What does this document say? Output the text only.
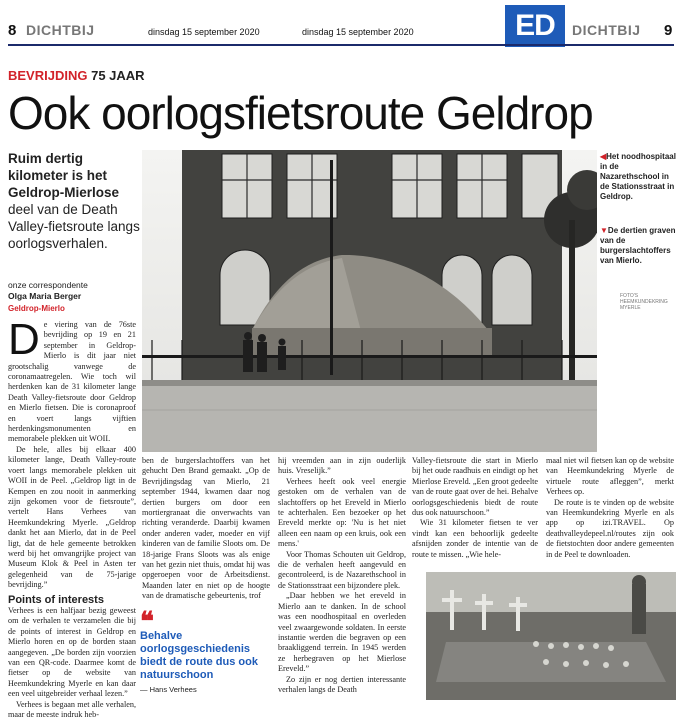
8 DICHTBIJ	dinsdag 15 september 2020	dinsdag 15 september 2020	ED	DICHTBIJ 9
BEVRIJDING 75 JAAR
Ook oorlogsfietsroute Geldrop
Ruim dertig kilometer is het Geldrop-Mierlose deel van de Death Valley-fietsroute langs oorlogsverhalen.
onze correspondente
Olga Maria Berger
Geldrop-Mierlo
◀Het noodhospitaal in de Nazarethschool in de Stationsstraat in Geldrop.
▼De dertien graven van de burgerslachtoffers van Mierlo.
FOTO'S HEEMKUNDEKRING MYERLE
D e viering van de 76ste bevrijding op 19 en 21 september in Geldrop-Mierlo is dit jaar niet grootschalig vanwege de coronamaatregelen. Wie toch wil herdenken kan de 31 kilometer lange Death Valley-fietsroute door Geldrop en Mierlo fietsen. Die is coronaproof en voert langs vijftien herdenkingsmonumenten en memorabele plekken uit WOII.

De hele, alles bij elkaar 400 kilometer lange, Death Valley-route voert langs memorabele plekken uit WOII in de Peel. „Geldrop ligt in de Kempen en zou nooit in aanmerking zijn gekomen voor de fietsroute”, vertelt Hans Verhees van Heemkundekring Myerle. „Geldrop dankt het aan Mierlo, dat in de Peel ligt, dat de hele gemeente betrokken werd bij het omvangrijke project van Museum Klok & Peel in Asten ter gelegenheid van de 75-jarige bevrijding.”

Points of interests

Verhees is een halfjaar bezig geweest om de verhalen te verzamelen die bij de points of interest in Geldrop en Mierlo horen en op de borden staan aangegeven. „De borden zijn voorzien van een QR-code. Daarmee komt de fietser op de website van Heemkundekring Myerle en kan daar een veel uitgebreider verhaal lezen.”

Verhees is begaan met alle verhalen, maar de meeste indruk heb-

ben de burgerslachtoffers van het gehucht Den Brand gemaakt. „Op de Bevrijdingsdag van Mierlo, 21 september 1944, kwamen daar nog dertien burgers om door een mortiergranaat die onverwachts van richting veranderde. Daarbij kwamen onder anderen vader, moeder en vijf kinderen van de familie Sloots om. De 18-jarige Frans Sloots was als enige van het gezin niet thuis, omdat hij was opgeroepen voor de Arbeitsdienst. Maanden later en niet op de hoogte van de dramatische gebeurtenis, trof

❝
Behalve oorlogsgeschiedenis biedt de route dus ook natuurschoon
— Hans Verhees

hij vreemden aan in zijn ouderlijk huis. Vreselijk.”

Verhees heeft ook veel energie gestoken om de verhalen van de slachtoffers op het Ereveld in Mierlo te achterhalen. Een bezoeker op het Ereveld merkte op: 'Nu is het niet alleen een naam op een kruis, ook een mens.'

Voor Thomas Schouten uit Geldrop, die de verhalen heeft aangevuld en gecontroleerd, is de Nazarethschool in de Stationsstraat een bijzondere plek.

„Daar hebben we het ereveld in Mierlo aan te danken. In de school was een noodhospitaal en overleden veel zwaargewonde soldaten. In eerste instantie werden die begraven op een braakliggend terrein. In 1945 werden ze herbegraven op het Mierlose Ereveld.”

Zo zijn er nog dertien interessante verhalen langs de Death

Valley-fietsroute die start in Mierlo bij het oude raadhuis en eindigt op het Mierlose Ereveld. „Een groot gedeelte van de route gaat over de hei. Behalve oorlogsgeschiedenis biedt de route dus ook natuurschoon.”

Wie 31 kilometer fietsen te ver vindt kan een behoorlijk gedeelte afsnijden zonder de intentie van de route te missen. „Wie hele-

maal niet wil fietsen kan op de website van Heemkundekring Myerle de virtuele route afleggen”, merkt Verhees op.

De route is te vinden op de website van Heemkundekring Myerle en als app op izi.TRAVEL. Op deathvalleydepeel.nl/routes zijn ook de fietstochten door andere gemeenten in de Peel te downloaden.
